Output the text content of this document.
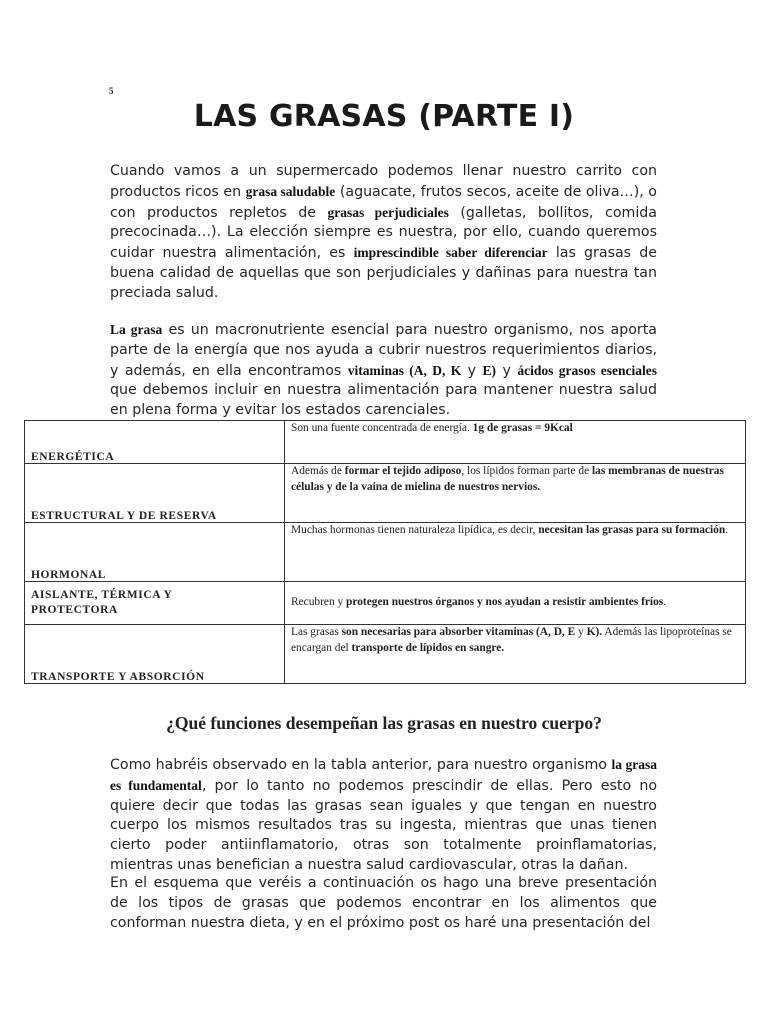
5
LAS GRASAS (PARTE I)

Cuando vamos a un supermercado podemos llenar nuestro carrito con productos ricos en grasa saludable (aguacate, frutos secos, aceite de oliva…), o con productos repletos de grasas perjudiciales (galletas, bollitos, comida precocinada…). La elección siempre es nuestra, por ello, cuando queremos cuidar nuestra alimentación, es imprescindible saber diferenciar las grasas de buena calidad de aquellas que son perjudiciales y dañinas para nuestra tan preciada salud.

La grasa es un macronutriente esencial para nuestro organismo, nos aporta parte de la energía que nos ayuda a cubrir nuestros requerimientos diarios, y además, en ella encontramos vitaminas (A, D, K y E) y ácidos grasos esenciales que debemos incluir en nuestra alimentación para mantener nuestra salud en plena forma y evitar los estados carenciales.

ENERGÉTICA	Son una fuente concentrada de energía. 1g de grasas = 9Kcal
ESTRUCTURAL Y DE RESERVA	Además de formar el tejido adiposo, los lípidos forman parte de las membranas de nuestras células y de la vaina de mielina de nuestros nervios.
HORMONAL	Muchas hormonas tienen naturaleza lipídica, es decir, necesitan las grasas para su formación.
AISLANTE, TÉRMICA Y
PROTECTORA	Recubren y protegen nuestros órganos y nos ayudan a resistir ambientes fríos.
TRANSPORTE Y ABSORCIÓN	Las grasas son necesarias para absorber vitaminas (A, D, E y K). Además las lipoproteínas se encargan del transporte de lípidos en sangre.
¿Qué funciones desempeñan las grasas en nuestro cuerpo?

Como habréis observado en la tabla anterior, para nuestro organismo la grasa es fundamental, por lo tanto no podemos prescindir de ellas. Pero esto no quiere decir que todas las grasas sean iguales y que tengan en nuestro cuerpo los mismos resultados tras su ingesta, mientras que unas tienen cierto poder antiinflamatorio, otras son totalmente proinflamatorias, mientras unas benefician a nuestra salud cardiovascular, otras la dañan.

En el esquema que veréis a continuación os hago una breve presentación de los tipos de grasas que podemos encontrar en los alimentos que conforman nuestra dieta, y en el próximo post os haré una presentación del
